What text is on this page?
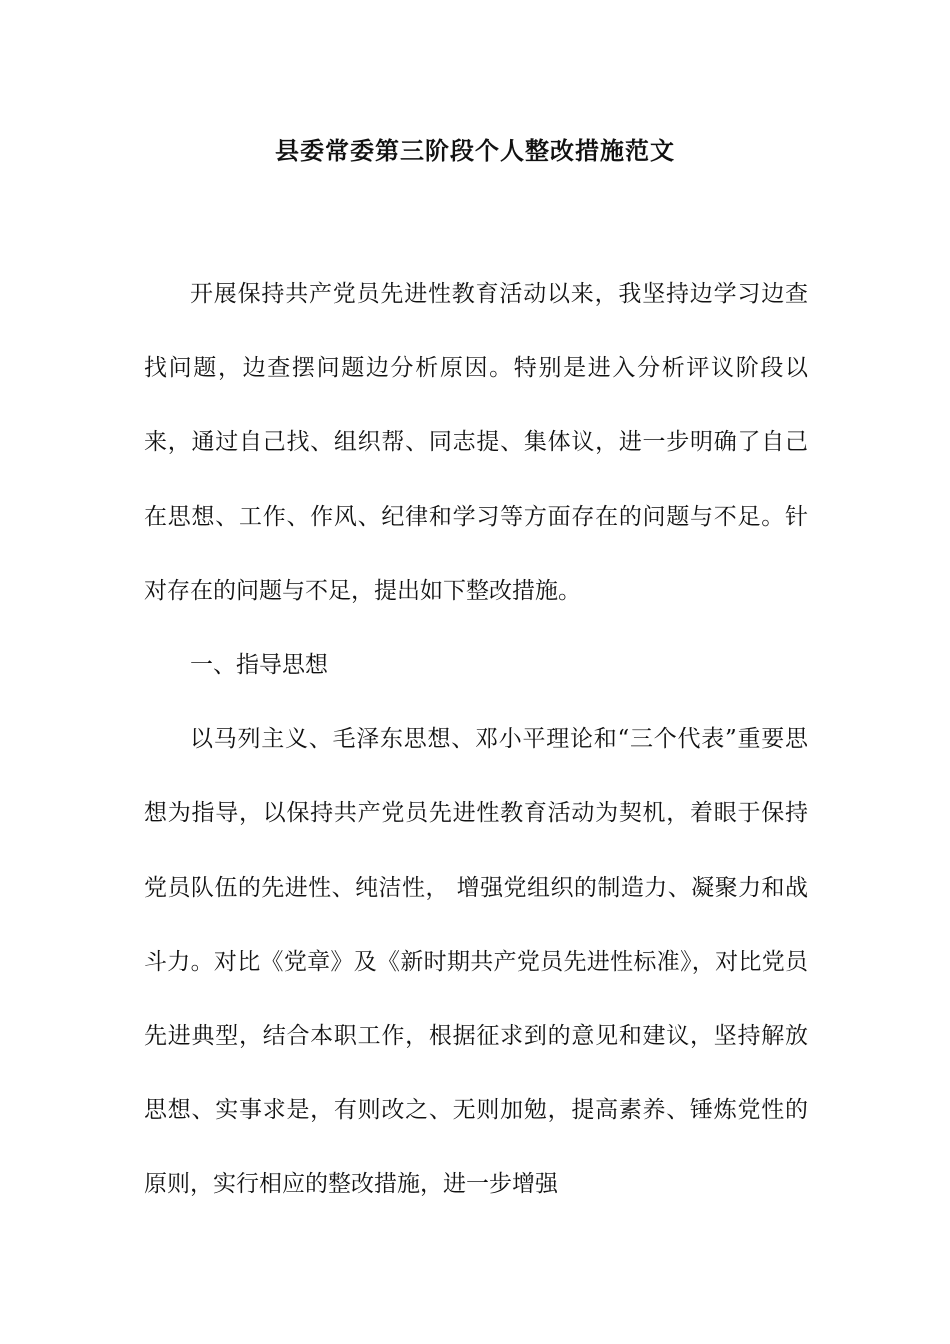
县委常委第三阶段个人整改措施范文

开展保持共产党员先进性教育活动以来，我坚持边学习边查找问题，边查摆问题边分析原因。特别是进入分析评议阶段以来，通过自己找、组织帮、同志提、集体议，进一步明确了自己在思想、工作、作风、纪律和学习等方面存在的问题与不足。针对存在的问题与不足，提出如下整改措施。

一、指导思想

以马列主义、毛泽东思想、邓小平理论和“三个代表”重要思想为指导，以保持共产党员先进性教育活动为契机，着眼于保持党员队伍的先进性、纯洁性， 增强党组织的制造力、凝聚力和战斗力。对比《党章》及《新时期共产党员先进性标准》，对比党员先进典型，结合本职工作，根据征求到的意见和建议，坚持解放思想、实事求是，有则改之、无则加勉，提高素养、锤炼党性的原则，实行相应的整改措施，进一步增强
